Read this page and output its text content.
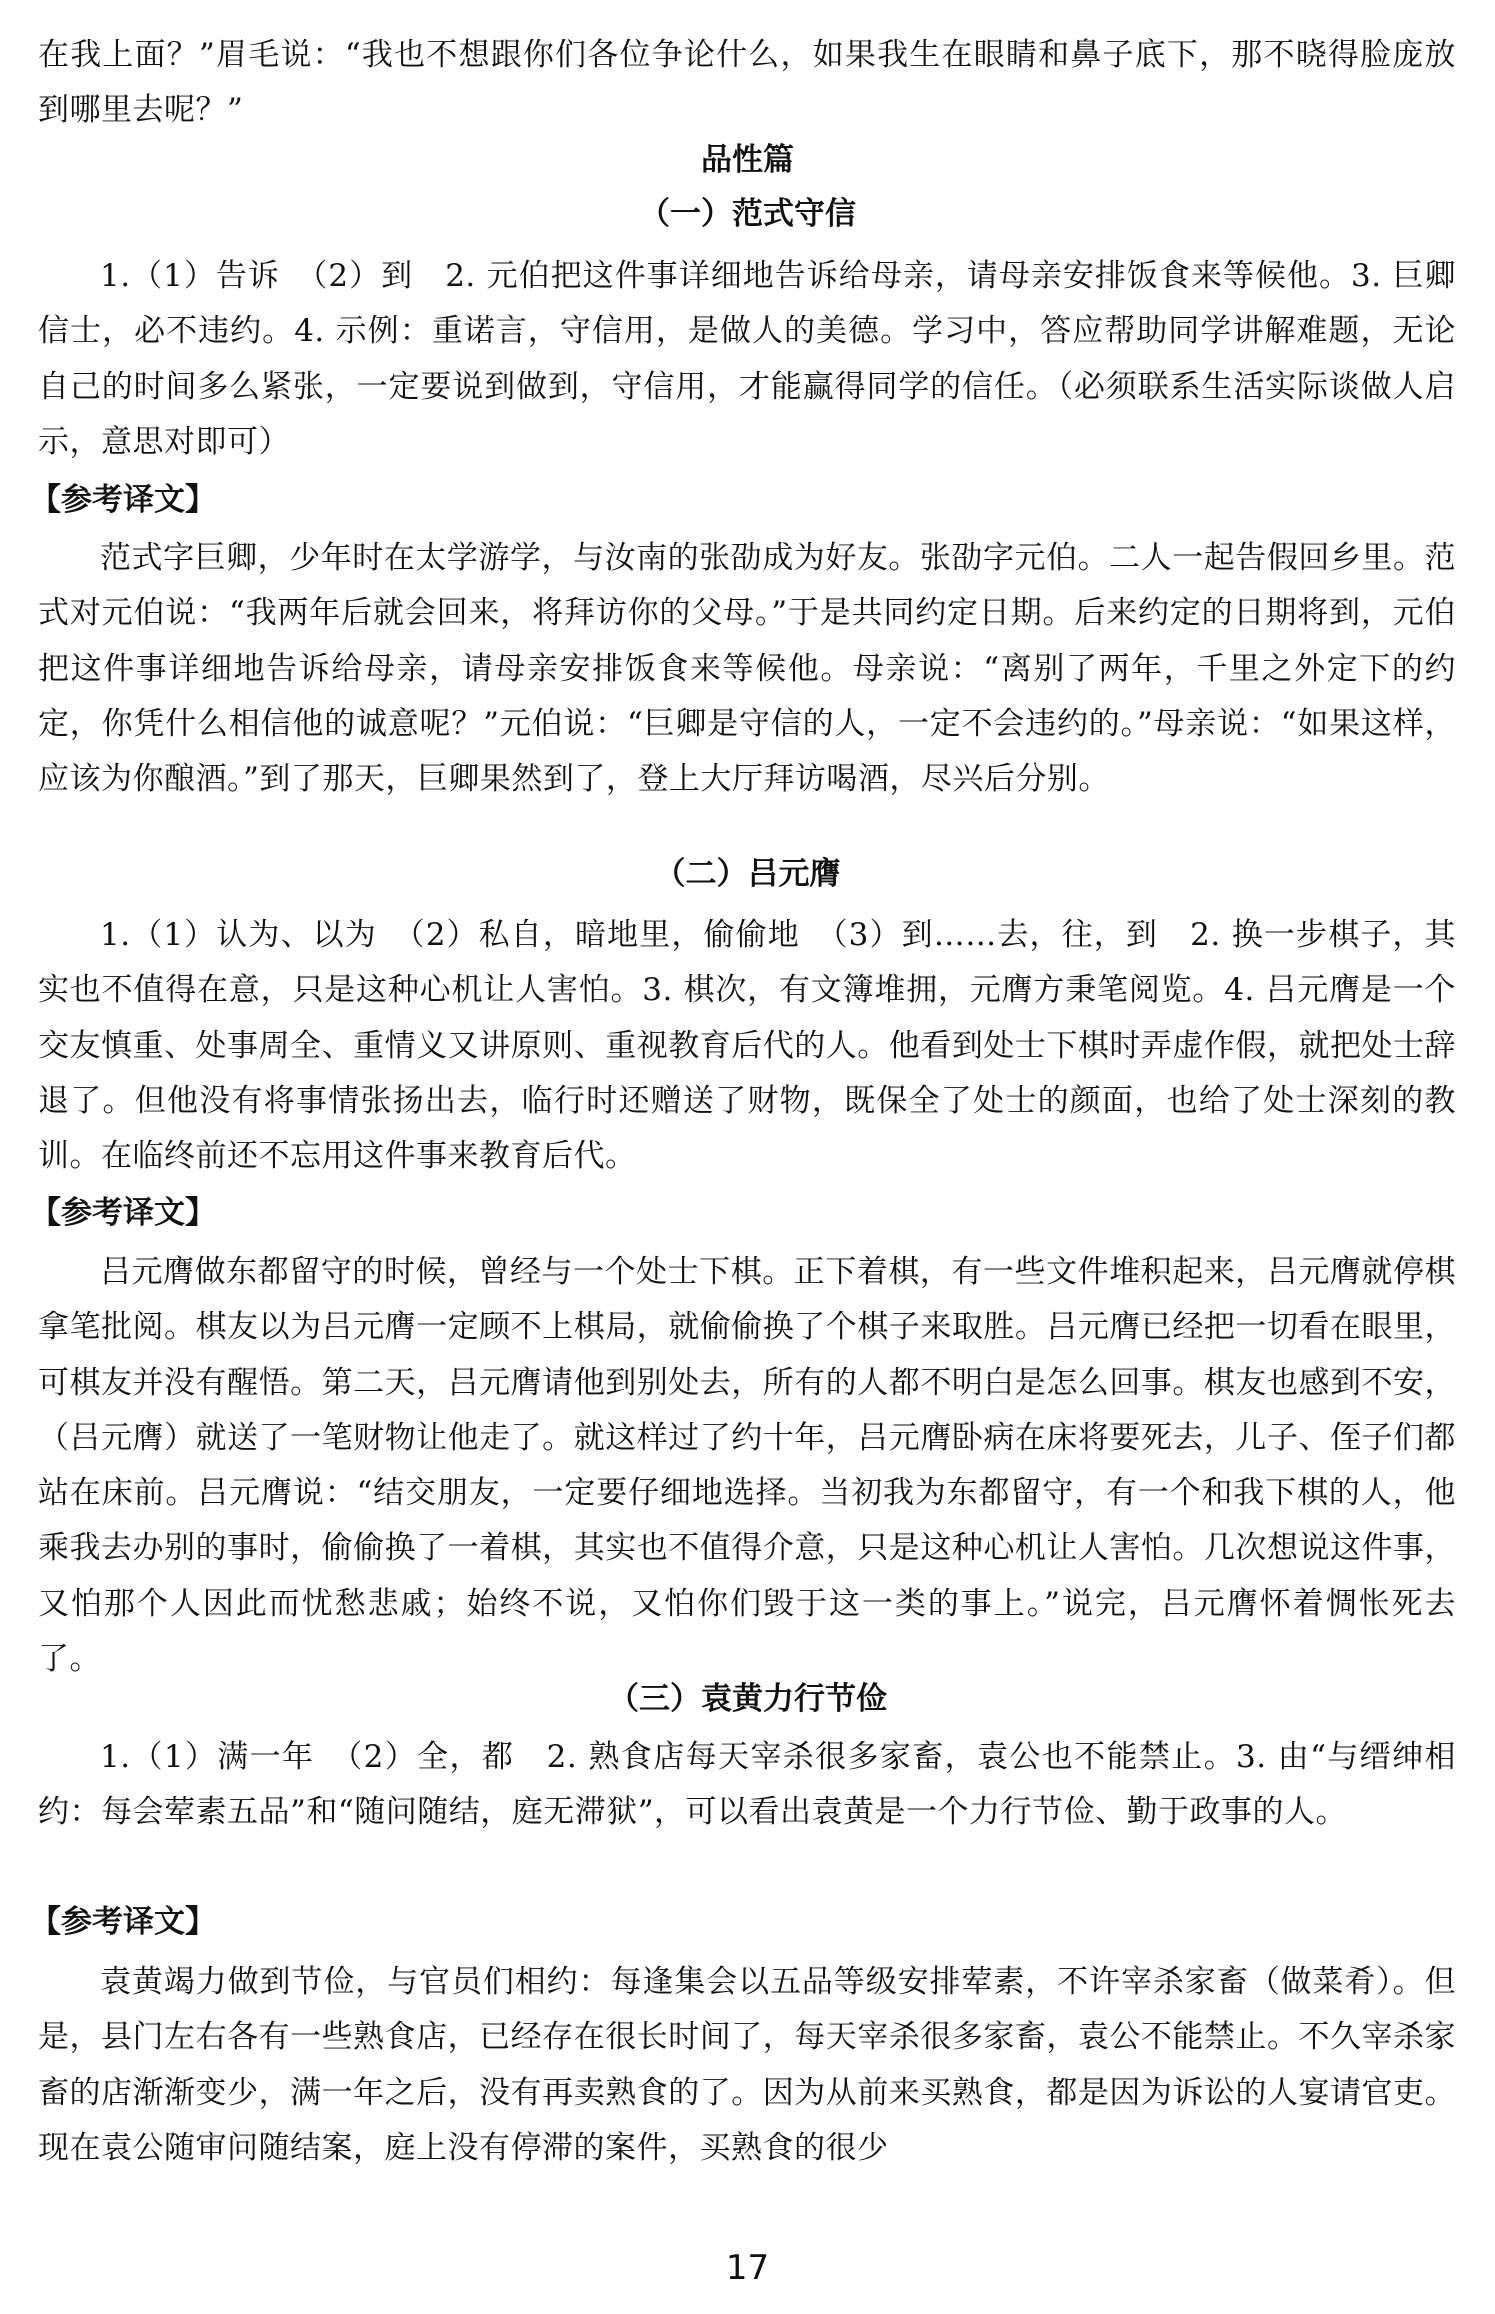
在我上面？”眉毛说：“我也不想跟你们各位争论什么，如果我生在眼睛和鼻子底下，那不晓得脸庞放到哪里去呢？”

品性篇
（一）范式守信

1.（1）告诉　（2）到　2. 元伯把这件事详细地告诉给母亲，请母亲安排饭食来等候他。3. 巨卿信士，必不违约。4. 示例：重诺言，守信用，是做人的美德。学习中，答应帮助同学讲解难题，无论自己的时间多么紧张，一定要说到做到，守信用，才能赢得同学的信任。（必须联系生活实际谈做人启示，意思对即可）

【参考译文】

范式字巨卿，少年时在太学游学，与汝南的张劭成为好友。张劭字元伯。二人一起告假回乡里。范式对元伯说：“我两年后就会回来，将拜访你的父母。”于是共同约定日期。后来约定的日期将到，元伯把这件事详细地告诉给母亲，请母亲安排饭食来等候他。母亲说：“离别了两年，千里之外定下的约定，你凭什么相信他的诚意呢？”元伯说：“巨卿是守信的人，一定不会违约的。”母亲说：“如果这样，应该为你酿酒。”到了那天，巨卿果然到了，登上大厅拜访喝酒，尽兴后分别。

（二）吕元膺

1.（1）认为、以为　（2）私自，暗地里，偷偷地　（3）到……去，往，到　2. 换一步棋子，其实也不值得在意，只是这种心机让人害怕。3. 棋次，有文簿堆拥，元膺方秉笔阅览。4. 吕元膺是一个交友慎重、处事周全、重情义又讲原则、重视教育后代的人。他看到处士下棋时弄虚作假，就把处士辞退了。但他没有将事情张扬出去，临行时还赠送了财物，既保全了处士的颜面，也给了处士深刻的教训。在临终前还不忘用这件事来教育后代。

【参考译文】

吕元膺做东都留守的时候，曾经与一个处士下棋。正下着棋，有一些文件堆积起来，吕元膺就停棋拿笔批阅。棋友以为吕元膺一定顾不上棋局，就偷偷换了个棋子来取胜。吕元膺已经把一切看在眼里，可棋友并没有醒悟。第二天，吕元膺请他到别处去，所有的人都不明白是怎么回事。棋友也感到不安，（吕元膺）就送了一笔财物让他走了。就这样过了约十年，吕元膺卧病在床将要死去，儿子、侄子们都站在床前。吕元膺说：“结交朋友，一定要仔细地选择。当初我为东都留守，有一个和我下棋的人，他乘我去办别的事时，偷偷换了一着棋，其实也不值得介意，只是这种心机让人害怕。几次想说这件事，又怕那个人因此而忧愁悲戚；始终不说，又怕你们毁于这一类的事上。”说完，吕元膺怀着惆怅死去了。

（三）袁黄力行节俭

1.（1）满一年　（2）全，都　2. 熟食店每天宰杀很多家畜，袁公也不能禁止。3. 由“与缙绅相约：每会荤素五品”和“随问随结，庭无滞狱”，可以看出袁黄是一个力行节俭、勤于政事的人。

【参考译文】

袁黄竭力做到节俭，与官员们相约：每逢集会以五品等级安排荤素，不许宰杀家畜（做菜肴）。但是，县门左右各有一些熟食店，已经存在很长时间了，每天宰杀很多家畜，袁公不能禁止。不久宰杀家畜的店渐渐变少，满一年之后，没有再卖熟食的了。因为从前来买熟食，都是因为诉讼的人宴请官吏。现在袁公随审问随结案，庭上没有停滞的案件，买熟食的很少

17
